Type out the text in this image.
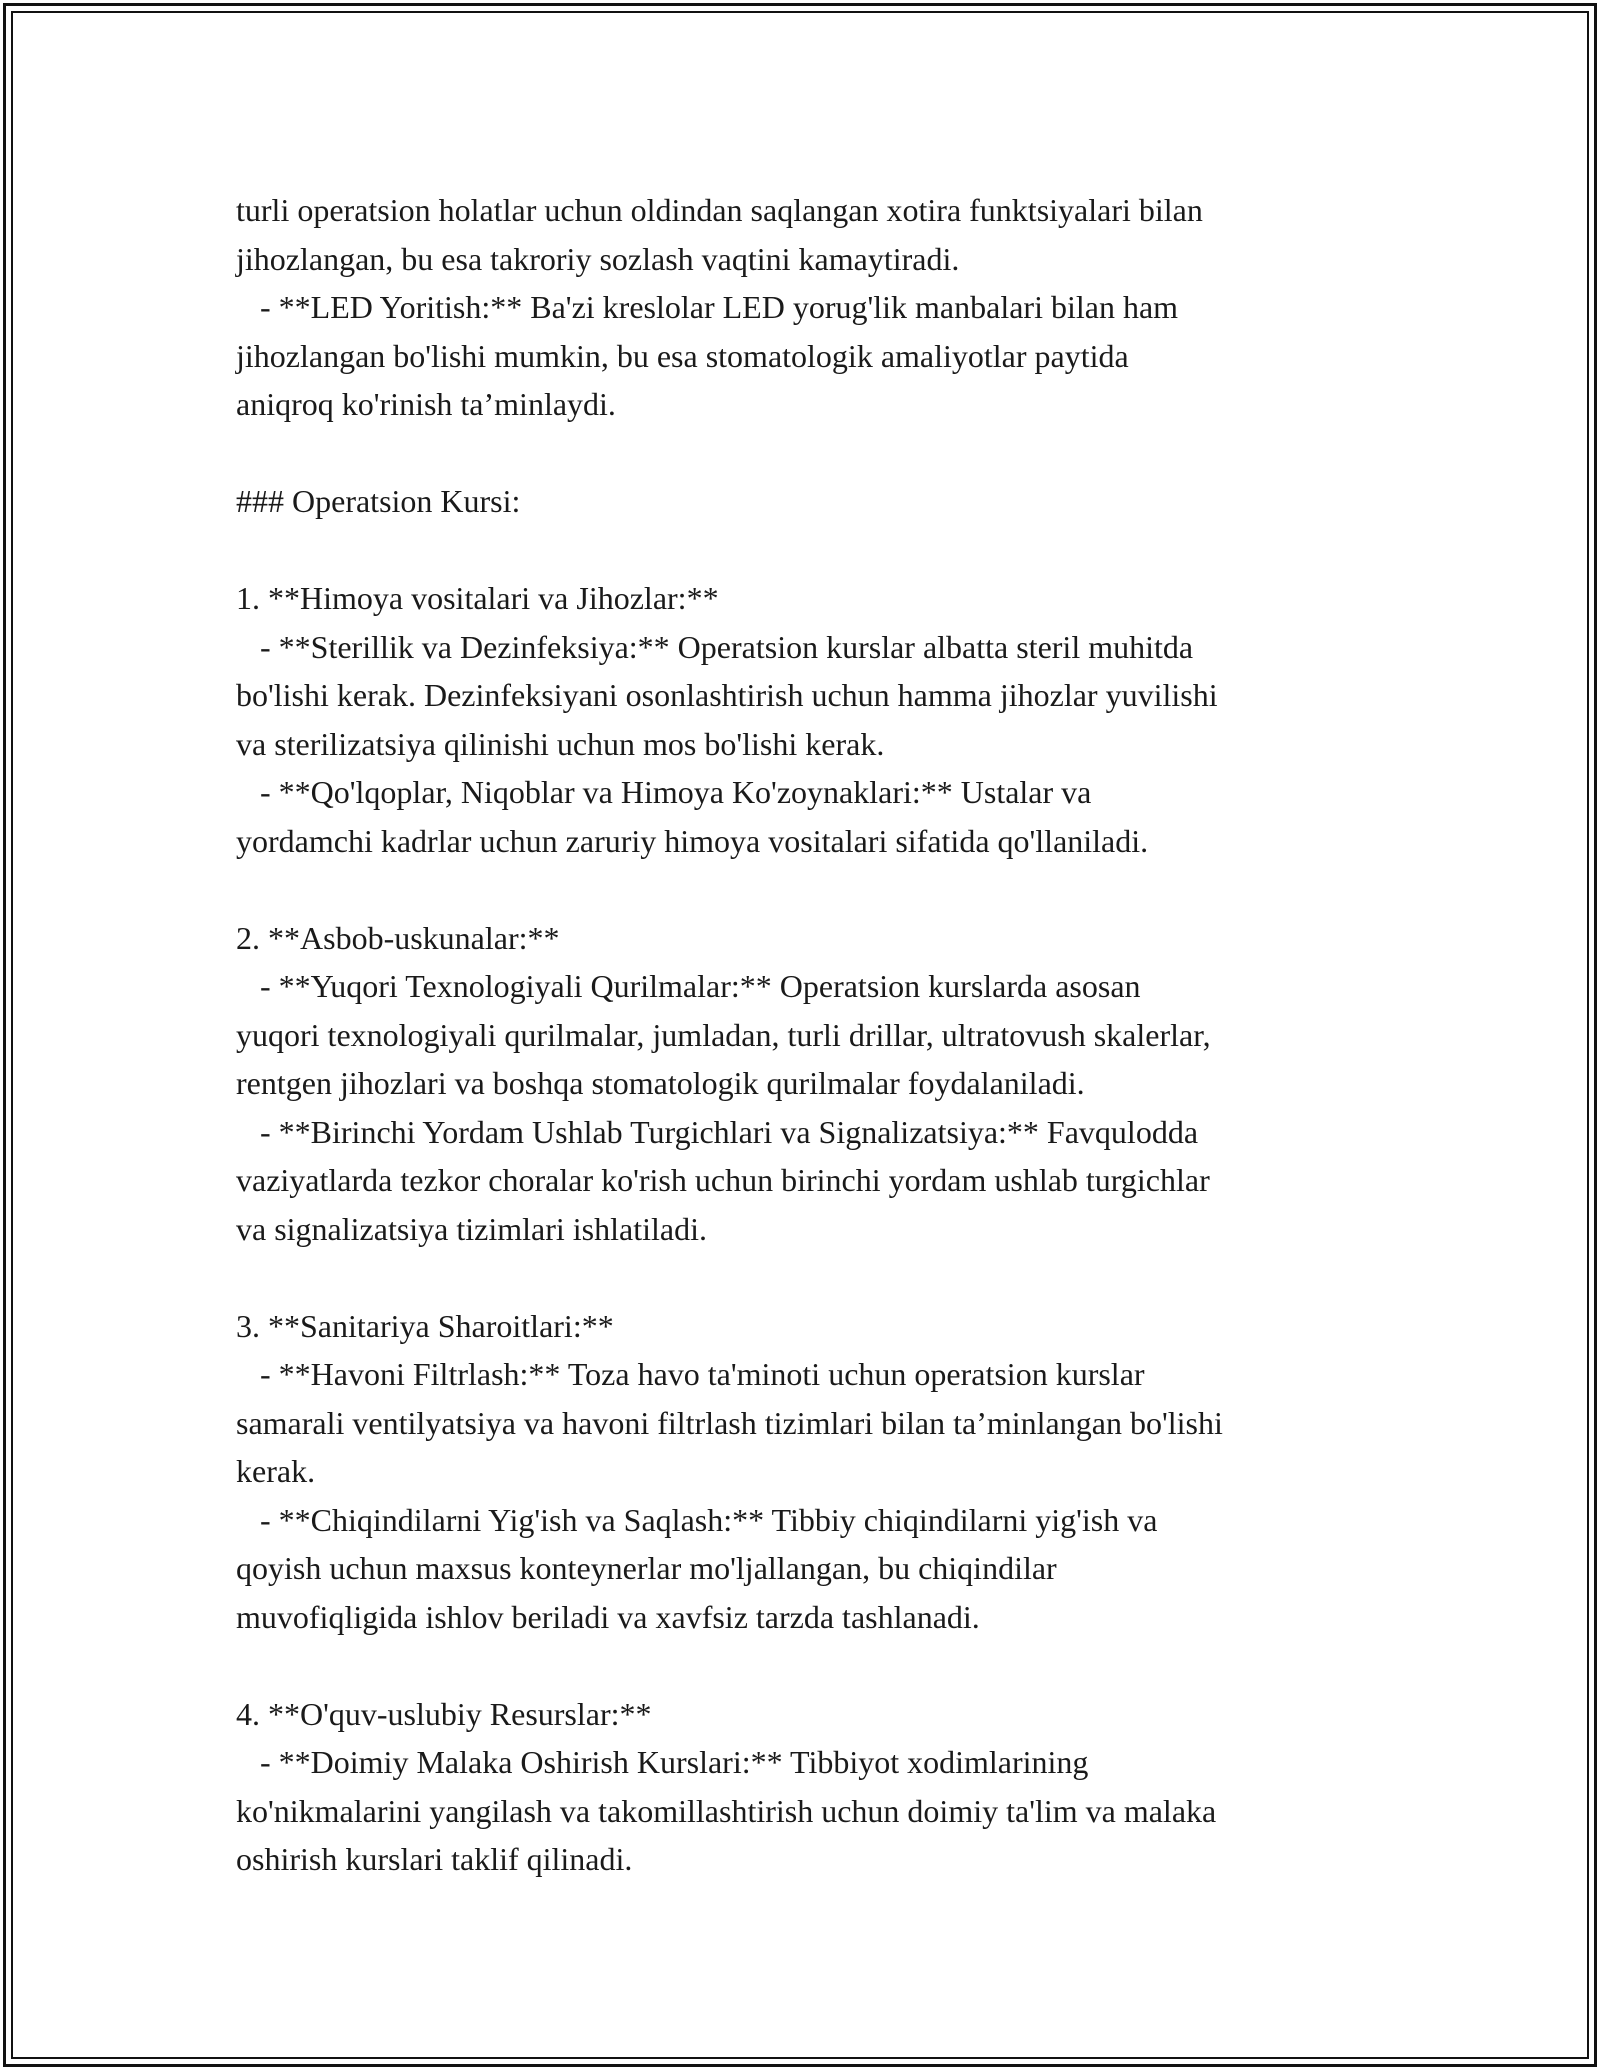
turli operatsion holatlar uchun oldindan saqlangan xotira funktsiyalari bilan
jihozlangan, bu esa takroriy sozlash vaqtini kamaytiradi.
- **LED Yoritish:** Ba'zi kreslolar LED yorug'lik manbalari bilan ham
jihozlangan bo'lishi mumkin, bu esa stomatologik amaliyotlar paytida
aniqroq ko'rinish ta’minlaydi.
### Operatsion Kursi:
1. **Himoya vositalari va Jihozlar:**
- **Sterillik va Dezinfeksiya:** Operatsion kurslar albatta steril muhitda
bo'lishi kerak. Dezinfeksiyani osonlashtirish uchun hamma jihozlar yuvilishi
va sterilizatsiya qilinishi uchun mos bo'lishi kerak.
- **Qo'lqoplar, Niqoblar va Himoya Ko'zoynaklari:** Ustalar va
yordamchi kadrlar uchun zaruriy himoya vositalari sifatida qo'llaniladi.
2. **Asbob-uskunalar:**
- **Yuqori Texnologiyali Qurilmalar:** Operatsion kurslarda asosan
yuqori texnologiyali qurilmalar, jumladan, turli drillar, ultratovush skalerlar,
rentgen jihozlari va boshqa stomatologik qurilmalar foydalaniladi.
- **Birinchi Yordam Ushlab Turgichlari va Signalizatsiya:** Favqulodda
vaziyatlarda tezkor choralar ko'rish uchun birinchi yordam ushlab turgichlar
va signalizatsiya tizimlari ishlatiladi.
3. **Sanitariya Sharoitlari:**
- **Havoni Filtrlash:** Toza havo ta'minoti uchun operatsion kurslar
samarali ventilyatsiya va havoni filtrlash tizimlari bilan ta’minlangan bo'lishi
kerak.
- **Chiqindilarni Yig'ish va Saqlash:** Tibbiy chiqindilarni yig'ish va
qoyish uchun maxsus konteynerlar mo'ljallangan, bu chiqindilar
muvofiqligida ishlov beriladi va xavfsiz tarzda tashlanadi.
4. **O'quv-uslubiy Resurslar:**
- **Doimiy Malaka Oshirish Kurslari:** Tibbiyot xodimlarining
ko'nikmalarini yangilash va takomillashtirish uchun doimiy ta'lim va malaka
oshirish kurslari taklif qilinadi.
